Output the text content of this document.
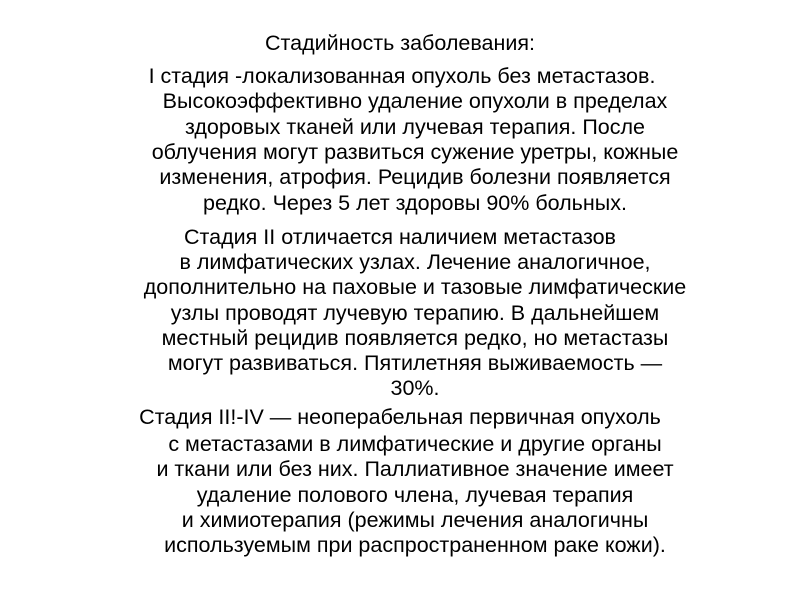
Стадийность заболевания:
I стадия -локализованная опухоль без метастазов.
Высокоэффективно удаление опухоли в пределах
здоровых тканей или лучевая терапия. После
облучения могут развиться сужение уретры, кожные
изменения, атрофия. Рецидив болезни появляется
редко. Через 5 лет здоровы 90% больных.
Стадия II отличается наличием метастазов
в лимфатических узлах. Лечение аналогичное,
дополнительно на паховые и тазовые лимфатические
узлы проводят лучевую терапию. В дальнейшем
местный рецидив появляется редко, но метастазы
могут развиваться. Пятилетняя выживаемость —
30%.
Стадия II!-IV — неоперабельная первичная опухоль
с метастазами в лимфатические и другие органы
и ткани или без них. Паллиативное значение имеет
удаление полового члена, лучевая терапия
и химиотерапия (режимы лечения аналогичны
используемым при распространенном раке кожи).
